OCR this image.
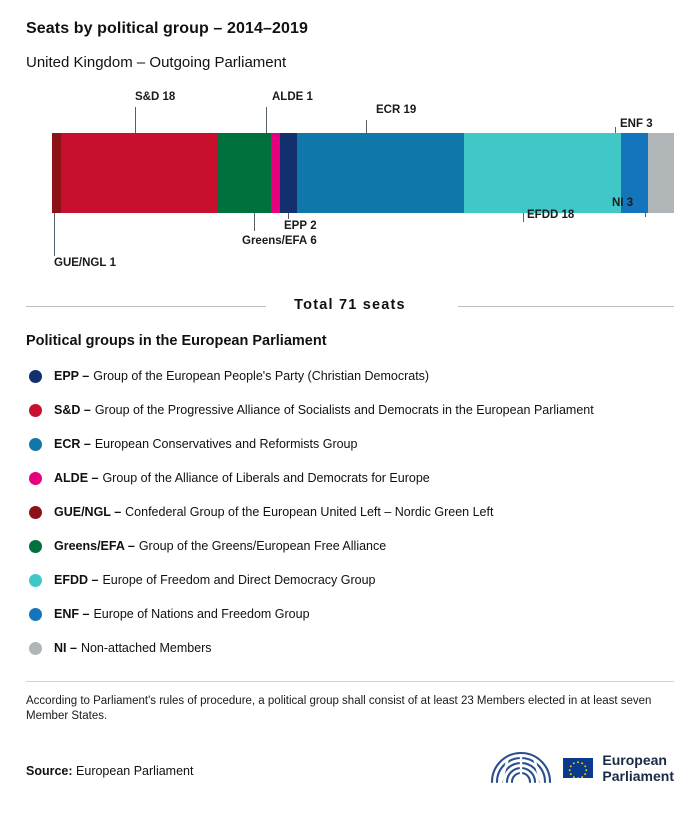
Seats by political group – 2014–2019
United Kingdom – Outgoing Parliament
S&D 18	ALDE 1
ECR 19
ENF 3
GUE/NGL 1
Greens/EFA 6
EPP 2
EFDD 18
NI 3
Total 71 seats
Political groups in the European Parliament
EPP – Group of the European People's Party (Christian Democrats)
S&D – Group of the Progressive Alliance of Socialists and Democrats in the European Parliament
ECR – European Conservatives and Reformists Group
ALDE – Group of the Alliance of Liberals and Democrats for Europe
GUE/NGL – Confederal Group of the European United Left – Nordic Green Left
Greens/EFA – Group of the Greens/European Free Alliance
EFDD – Europe of Freedom and Direct Democracy Group
ENF – Europe of Nations and Freedom Group
NI – Non-attached Members

According to Parliament's rules of procedure, a political group shall consist of at least 23 Members elected in at least seven Member States.

Source: European Parliament
European
Parliament
